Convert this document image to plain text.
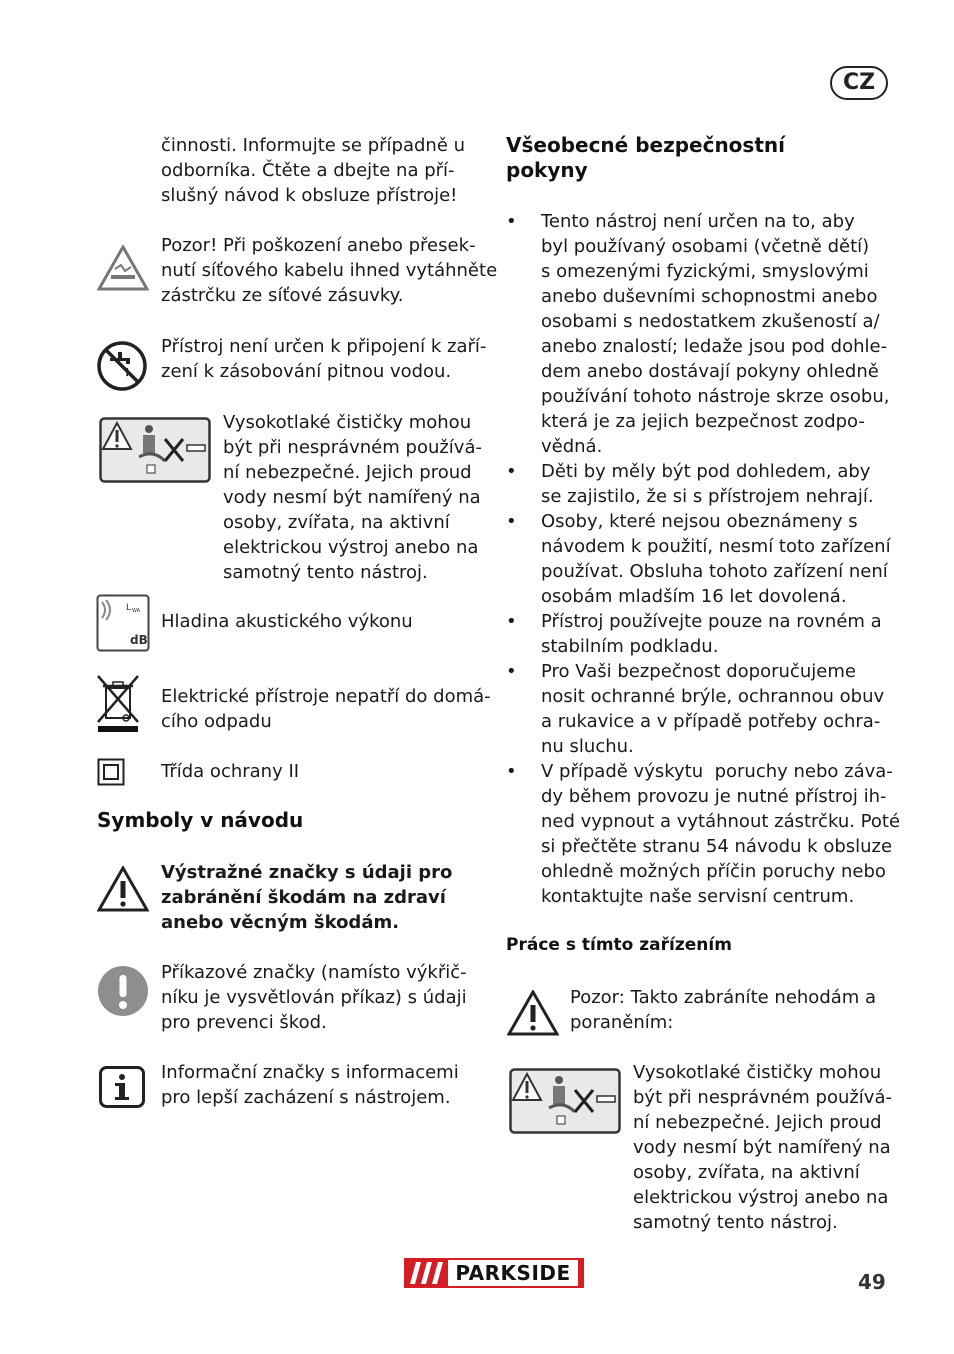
CZ
činnosti. Informujte se případně u
odborníka. Čtěte a dbejte na pří-
slušný návod k obsluze přístroje!
Pozor! Při poškození anebo přesek-
nutí síťového kabelu ihned vytáhněte
zástrčku ze síťové zásuvky.
Přístroj není určen k připojení k zaří-
zení k zásobování pitnou vodou.
Vysokotlaké čističky mohou
být při nesprávném používá-
ní nebezpečné. Jejich proud
vody nesmí být namířený na
osoby, zvířata, na aktivní
elektrickou výstroj anebo na
samotný tento nástroj.
L WA
dB
Hladina akustického výkonu
Elektrické přístroje nepatří do domá-
cího odpadu
Třída ochrany II
Symboly v návodu
Výstražné značky s údaji pro
zabránění škodám na zdraví
anebo věcným škodám.
Příkazové značky (namísto výkřič-
níku je vysvětlován příkaz) s údaji
pro prevenci škod.
Informační značky s informacemi
pro lepší zacházení s nástrojem.
Všeobecné bezpečnostní
pokyny
• Tento nástroj není určen na to, aby
byl používaný osobami (včetně dětí)
s omezenými fyzickými, smyslovými
anebo duševními schopnostmi anebo
osobami s nedostatkem zkušeností a/
anebo znalostí; ledaže jsou pod dohle-
dem anebo dostávají pokyny ohledně
používání tohoto nástroje skrze osobu,
která je za jejich bezpečnost zodpo-
vědná.
• Děti by měly být pod dohledem, aby
se zajistilo, že si s přístrojem nehrají.
• Osoby, které nejsou obeznámeny s
návodem k použití, nesmí toto zařízení
používat. Obsluha tohoto zařízení není
osobám mladším 16 let dovolená.
• Přístroj používejte pouze na rovném a
stabilním podkladu.
• Pro Vaši bezpečnost doporučujeme
nosit ochranné brýle, ochrannou obuv
a rukavice a v případě potřeby ochra-
nu sluchu.
• V případě výskytu  poruchy nebo záva-
dy během provozu je nutné přístroj ih-
ned vypnout a vytáhnout zástrčku. Poté
si přečtěte stranu 54 návodu k obsluze
ohledně možných příčin poruchy nebo
kontaktujte naše servisní centrum.
Práce s tímto zařízením
Pozor: Takto zabráníte nehodám a
poraněním:
Vysokotlaké čističky mohou
být při nesprávném používá-
ní nebezpečné. Jejich proud
vody nesmí být namířený na
osoby, zvířata, na aktivní
elektrickou výstroj anebo na
samotný tento nástroj.
PARKSIDE	49
